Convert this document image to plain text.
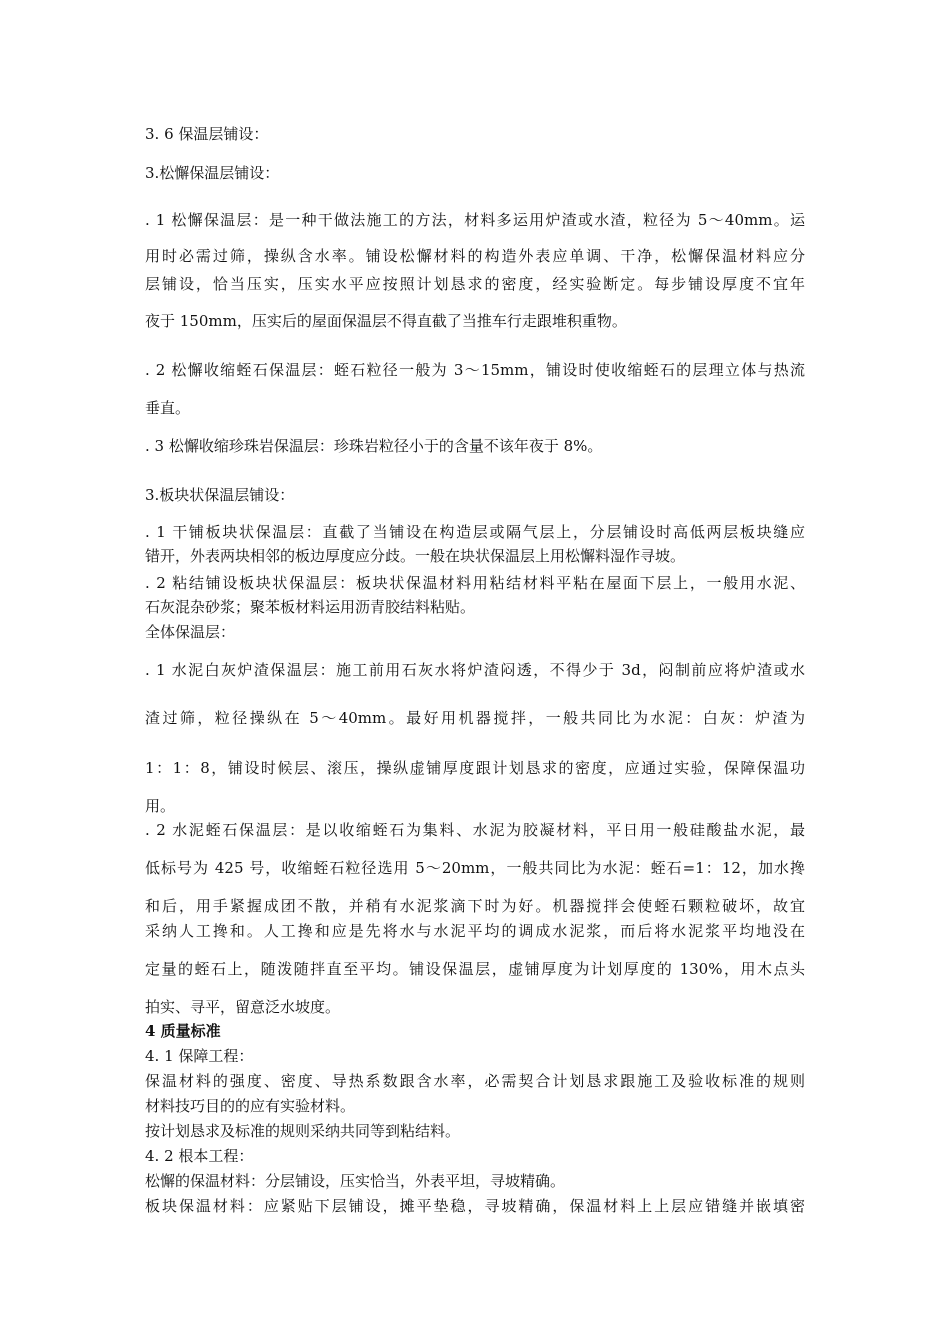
3. 6 保温层铺设：

3.松懈保温层铺设：

. 1 松懈保温层：是一种干做法施工的方法，材料多运用炉渣或水渣，粒径为 5～40mm。运

用时必需过筛，操纵含水率。铺设松懈材料的构造外表应单调、干净，松懈保温材料应分

层铺设，恰当压实，压实水平应按照计划恳求的密度，经实验断定。每步铺设厚度不宜年

夜于 150mm，压实后的屋面保温层不得直截了当推车行走跟堆积重物。

. 2 松懈收缩蛭石保温层：蛭石粒径一般为 3～15mm，铺设时使收缩蛭石的层理立体与热流

垂直。

. 3 松懈收缩珍珠岩保温层：珍珠岩粒径小于的含量不该年夜于 8%。

3.板块状保温层铺设：

. 1 干铺板块状保温层：直截了当铺设在构造层或隔气层上，分层铺设时高低两层板块缝应

错开，外表两块相邻的板边厚度应分歧。一般在块状保温层上用松懈料湿作寻坡。

. 2 粘结铺设板块状保温层：板块状保温材料用粘结材料平粘在屋面下层上，一般用水泥、

石灰混杂砂浆；聚苯板材料运用沥青胶结料粘贴。

全体保温层：

. 1 水泥白灰炉渣保温层：施工前用石灰水将炉渣闷透，不得少于 3d，闷制前应将炉渣或水

渣过筛，粒径操纵在 5～40mm。最好用机器搅拌，一般共同比为水泥：白灰：炉渣为

1：1：8，铺设时候层、滚压，操纵虚铺厚度跟计划恳求的密度，应通过实验，保障保温功

用。

. 2 水泥蛭石保温层：是以收缩蛭石为集料、水泥为胶凝材料，平日用一般硅酸盐水泥，最

低标号为 425 号，收缩蛭石粒径选用 5～20mm，一般共同比为水泥：蛭石=1：12，加水搀

和后，用手紧握成团不散，并稍有水泥浆滴下时为好。机器搅拌会使蛭石颗粒破坏，故宜

采纳人工搀和。人工搀和应是先将水与水泥平均的调成水泥浆，而后将水泥浆平均地没在

定量的蛭石上，随泼随拌直至平均。铺设保温层，虚铺厚度为计划厚度的 130%，用木点头

拍实、寻平，留意泛水坡度。

4 质量标准

4. 1 保障工程：

保温材料的强度、密度、导热系数跟含水率，必需契合计划恳求跟施工及验收标准的规则

材料技巧目的的应有实验材料。

按计划恳求及标准的规则采纳共同等到粘结料。

4. 2 根本工程：

松懈的保温材料：分层铺设，压实恰当，外表平坦，寻坡精确。

板块保温材料：应紧贴下层铺设，摊平垫稳，寻坡精确，保温材料上上层应错缝并嵌填密
